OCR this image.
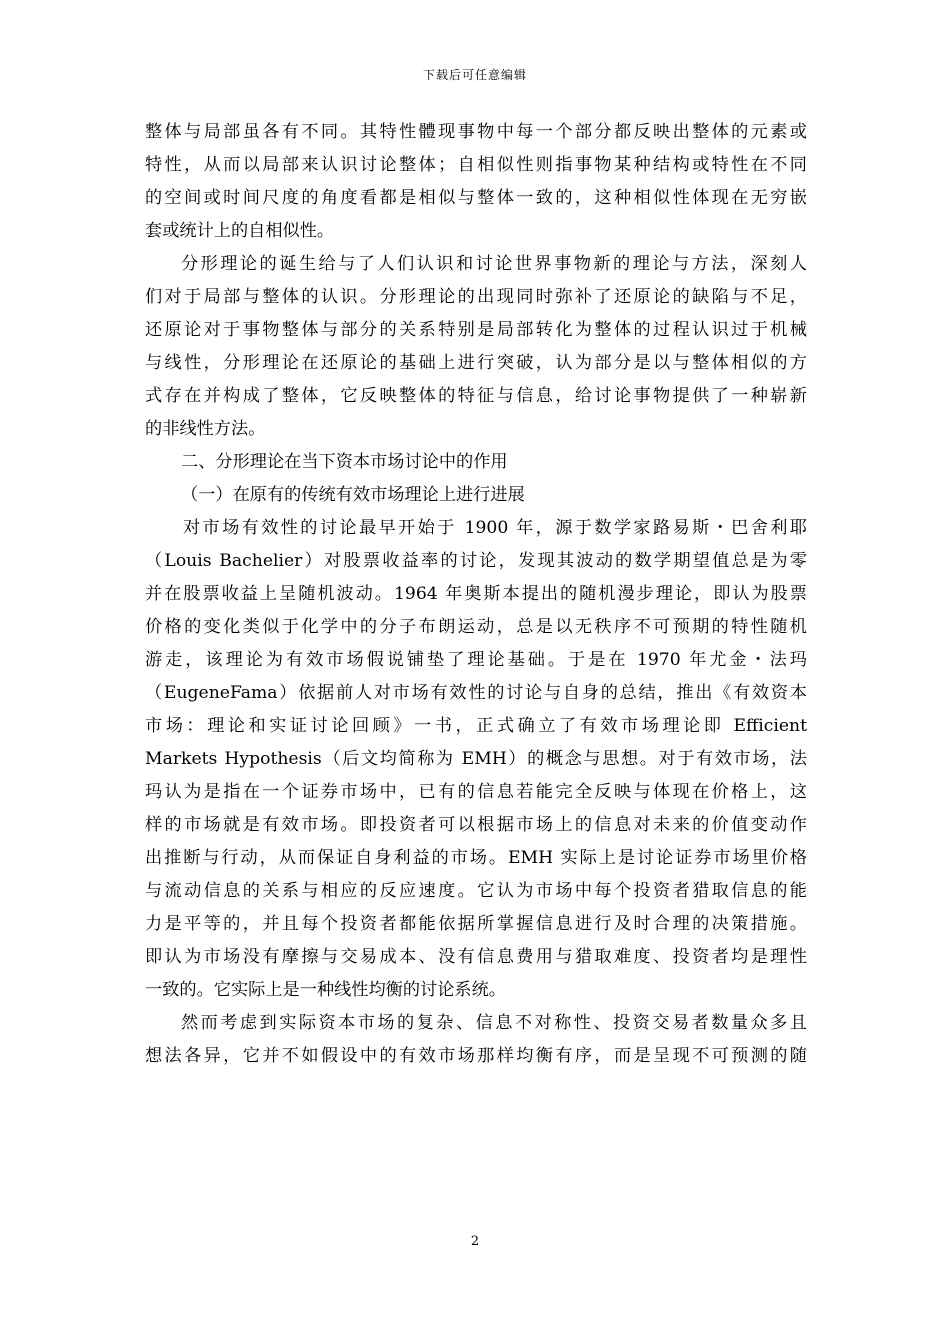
下载后可任意编辑
整体与局部虽各有不同。其特性體现事物中每一个部分都反映出整体的元素或
特性，从而以局部来认识讨论整体；自相似性则指事物某种结构或特性在不同
的空间或时间尺度的角度看都是相似与整体一致的，这种相似性体现在无穷嵌
套或统计上的自相似性。
分形理论的诞生给与了人们认识和讨论世界事物新的理论与方法，深刻人
们对于局部与整体的认识。分形理论的出现同时弥补了还原论的缺陷与不足，
还原论对于事物整体与部分的关系特别是局部转化为整体的过程认识过于机械
与线性，分形理论在还原论的基础上进行突破，认为部分是以与整体相似的方
式存在并构成了整体，它反映整体的特征与信息，给讨论事物提供了一种崭新
的非线性方法。
二、分形理论在当下资本市场讨论中的作用
（一）在原有的传统有效市场理论上进行进展
对市场有效性的讨论最早开始于 1900 年，源于数学家路易斯・巴舍利耶
（Louis Bachelier）对股票收益率的讨论，发现其波动的数学期望值总是为零
并在股票收益上呈随机波动。1964 年奥斯本提出的随机漫步理论，即认为股票
价格的变化类似于化学中的分子布朗运动，总是以无秩序不可预期的特性随机
游走，该理论为有效市场假说铺垫了理论基础。于是在 1970 年尤金・法玛
（EugeneFama）依据前人对市场有效性的讨论与自身的总结，推出《有效资本
市场：理论和实证讨论回顾》一书，正式确立了有效市场理论即 Efficient
Markets Hypothesis（后文均简称为 EMH）的概念与思想。对于有效市场，法
玛认为是指在一个证券市场中，已有的信息若能完全反映与体现在价格上，这
样的市场就是有效市场。即投资者可以根据市场上的信息对未来的价值变动作
出推断与行动，从而保证自身利益的市场。EMH 实际上是讨论证券市场里价格
与流动信息的关系与相应的反应速度。它认为市场中每个投资者猎取信息的能
力是平等的，并且每个投资者都能依据所掌握信息进行及时合理的决策措施。
即认为市场没有摩擦与交易成本、没有信息费用与猎取难度、投资者均是理性
一致的。它实际上是一种线性均衡的讨论系统。
然而考虑到实际资本市场的复杂、信息不对称性、投资交易者数量众多且
想法各异，它并不如假设中的有效市场那样均衡有序，而是呈现不可预测的随
2
